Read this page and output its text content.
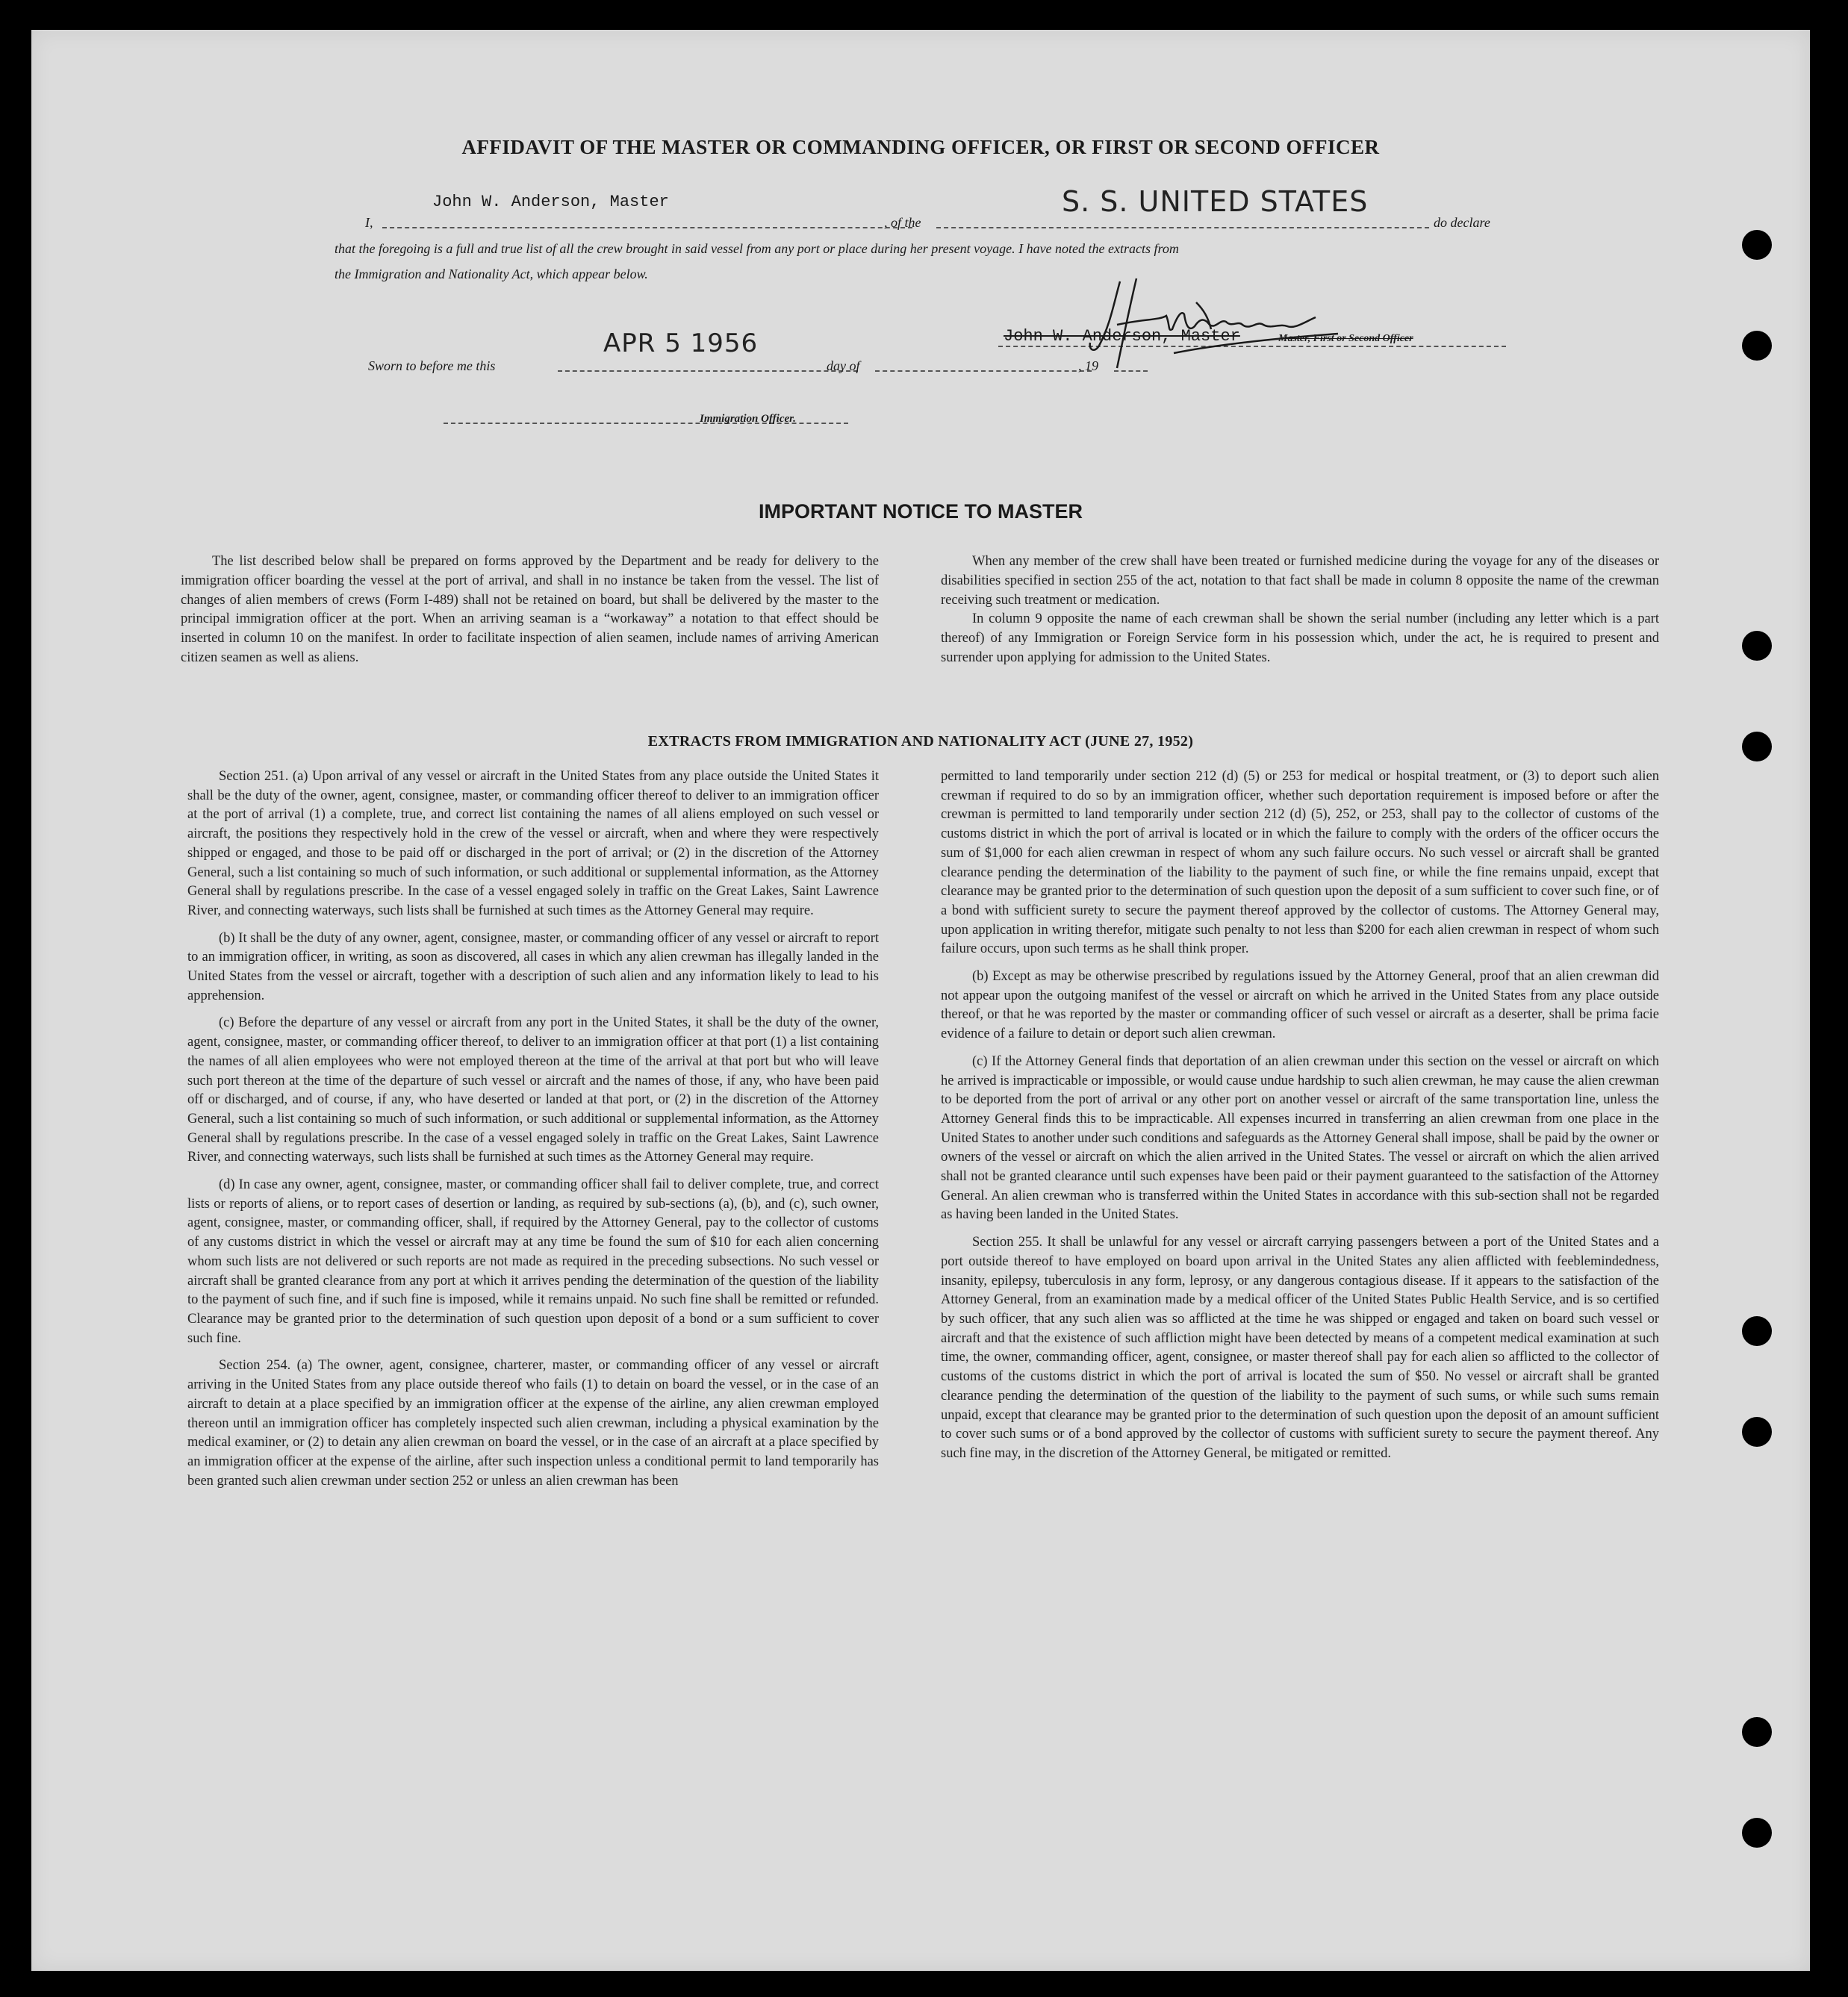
AFFIDAVIT OF THE MASTER OR COMMANDING OFFICER, OR FIRST OR SECOND OFFICER
I,
John W. Anderson, Master
, of the
S. S. UNITED STATES
do declare
that the foregoing is a full and true list of all the crew brought in said vessel from any port or place during her present voyage. I have noted the extracts from
the Immigration and Nationality Act, which appear below.
John W. Anderson, Master	Master, First or Second Officer
Sworn to before me this
APR 5 1956
day of	, 19
Immigration Officer.
IMPORTANT NOTICE TO MASTER

The list described below shall be prepared on forms approved by the Department and be ready for delivery to the immigration officer boarding the vessel at the port of arrival, and shall in no instance be taken from the vessel. The list of changes of alien members of crews (Form I-489) shall not be retained on board, but shall be delivered by the master to the principal immigration officer at the port. When an arriving seaman is a “workaway” a notation to that effect should be inserted in column 10 on the manifest. In order to facilitate inspection of alien seamen, include names of arriving American citizen seamen as well as aliens.

When any member of the crew shall have been treated or furnished medicine during the voyage for any of the diseases or disabilities specified in section 255 of the act, notation to that fact shall be made in column 8 opposite the name of the crewman receiving such treatment or medication.

In column 9 opposite the name of each crewman shall be shown the serial number (including any letter which is a part thereof) of any Immigration or Foreign Service form in his possession which, under the act, he is required to present and surrender upon applying for admission to the United States.

EXTRACTS FROM IMMIGRATION AND NATIONALITY ACT (JUNE 27, 1952)

Section 251. (a) Upon arrival of any vessel or aircraft in the United States from any place outside the United States it shall be the duty of the owner, agent, consignee, master, or commanding officer thereof to deliver to an immigration officer at the port of arrival (1) a complete, true, and correct list containing the names of all aliens employed on such vessel or aircraft, the positions they respectively hold in the crew of the vessel or aircraft, when and where they were respectively shipped or engaged, and those to be paid off or discharged in the port of arrival; or (2) in the discretion of the Attorney General, such a list containing so much of such information, or such additional or supplemental information, as the Attorney General shall by regulations prescribe. In the case of a vessel engaged solely in traffic on the Great Lakes, Saint Lawrence River, and connecting waterways, such lists shall be furnished at such times as the Attorney General may require.

(b) It shall be the duty of any owner, agent, consignee, master, or commanding officer of any vessel or aircraft to report to an immigration officer, in writing, as soon as discovered, all cases in which any alien crewman has illegally landed in the United States from the vessel or aircraft, together with a description of such alien and any information likely to lead to his apprehension.

(c) Before the departure of any vessel or aircraft from any port in the United States, it shall be the duty of the owner, agent, consignee, master, or commanding officer thereof, to deliver to an immigration officer at that port (1) a list containing the names of all alien employees who were not employed thereon at the time of the arrival at that port but who will leave such port thereon at the time of the departure of such vessel or aircraft and the names of those, if any, who have been paid off or discharged, and of course, if any, who have deserted or landed at that port, or (2) in the discretion of the Attorney General, such a list containing so much of such information, or such additional or supplemental information, as the Attorney General shall by regulations prescribe. In the case of a vessel engaged solely in traffic on the Great Lakes, Saint Lawrence River, and connecting waterways, such lists shall be furnished at such times as the Attorney General may require.

(d) In case any owner, agent, consignee, master, or commanding officer shall fail to deliver complete, true, and correct lists or reports of aliens, or to report cases of desertion or landing, as required by sub-sections (a), (b), and (c), such owner, agent, consignee, master, or commanding officer, shall, if required by the Attorney General, pay to the collector of customs of any customs district in which the vessel or aircraft may at any time be found the sum of $10 for each alien concerning whom such lists are not delivered or such reports are not made as required in the preceding subsections. No such vessel or aircraft shall be granted clearance from any port at which it arrives pending the determination of the question of the liability to the payment of such fine, and if such fine is imposed, while it remains unpaid. No such fine shall be remitted or refunded. Clearance may be granted prior to the determination of such question upon deposit of a bond or a sum sufficient to cover such fine.

Section 254. (a) The owner, agent, consignee, charterer, master, or commanding officer of any vessel or aircraft arriving in the United States from any place outside thereof who fails (1) to detain on board the vessel, or in the case of an aircraft to detain at a place specified by an immigration officer at the expense of the airline, any alien crewman employed thereon until an immigration officer has completely inspected such alien crewman, including a physical examination by the medical examiner, or (2) to detain any alien crewman on board the vessel, or in the case of an aircraft at a place specified by an immigration officer at the expense of the airline, after such inspection unless a conditional permit to land temporarily has been granted such alien crewman under section 252 or unless an alien crewman has been

permitted to land temporarily under section 212 (d) (5) or 253 for medical or hospital treatment, or (3) to deport such alien crewman if required to do so by an immigration officer, whether such deportation requirement is imposed before or after the crewman is permitted to land temporarily under section 212 (d) (5), 252, or 253, shall pay to the collector of customs of the customs district in which the port of arrival is located or in which the failure to comply with the orders of the officer occurs the sum of $1,000 for each alien crewman in respect of whom any such failure occurs. No such vessel or aircraft shall be granted clearance pending the determination of the liability to the payment of such fine, or while the fine remains unpaid, except that clearance may be granted prior to the determination of such question upon the deposit of a sum sufficient to cover such fine, or of a bond with sufficient surety to secure the payment thereof approved by the collector of customs. The Attorney General may, upon application in writing therefor, mitigate such penalty to not less than $200 for each alien crewman in respect of whom such failure occurs, upon such terms as he shall think proper.

(b) Except as may be otherwise prescribed by regulations issued by the Attorney General, proof that an alien crewman did not appear upon the outgoing manifest of the vessel or aircraft on which he arrived in the United States from any place outside thereof, or that he was reported by the master or commanding officer of such vessel or aircraft as a deserter, shall be prima facie evidence of a failure to detain or deport such alien crewman.

(c) If the Attorney General finds that deportation of an alien crewman under this section on the vessel or aircraft on which he arrived is impracticable or impossible, or would cause undue hardship to such alien crewman, he may cause the alien crewman to be deported from the port of arrival or any other port on another vessel or aircraft of the same transportation line, unless the Attorney General finds this to be impracticable. All expenses incurred in transferring an alien crewman from one place in the United States to another under such conditions and safeguards as the Attorney General shall impose, shall be paid by the owner or owners of the vessel or aircraft on which the alien arrived in the United States. The vessel or aircraft on which the alien arrived shall not be granted clearance until such expenses have been paid or their payment guaranteed to the satisfaction of the Attorney General. An alien crewman who is transferred within the United States in accordance with this sub-section shall not be regarded as having been landed in the United States.

Section 255. It shall be unlawful for any vessel or aircraft carrying passengers between a port of the United States and a port outside thereof to have employed on board upon arrival in the United States any alien afflicted with feeblemindedness, insanity, epilepsy, tuberculosis in any form, leprosy, or any dangerous contagious disease. If it appears to the satisfaction of the Attorney General, from an examination made by a medical officer of the United States Public Health Service, and is so certified by such officer, that any such alien was so afflicted at the time he was shipped or engaged and taken on board such vessel or aircraft and that the existence of such affliction might have been detected by means of a competent medical examination at such time, the owner, commanding officer, agent, consignee, or master thereof shall pay for each alien so afflicted to the collector of customs of the customs district in which the port of arrival is located the sum of $50. No vessel or aircraft shall be granted clearance pending the determination of the question of the liability to the payment of such sums, or while such sums remain unpaid, except that clearance may be granted prior to the determination of such question upon the deposit of an amount sufficient to cover such sums or of a bond approved by the collector of customs with sufficient surety to secure the payment thereof. Any such fine may, in the discretion of the Attorney General, be mitigated or remitted.
